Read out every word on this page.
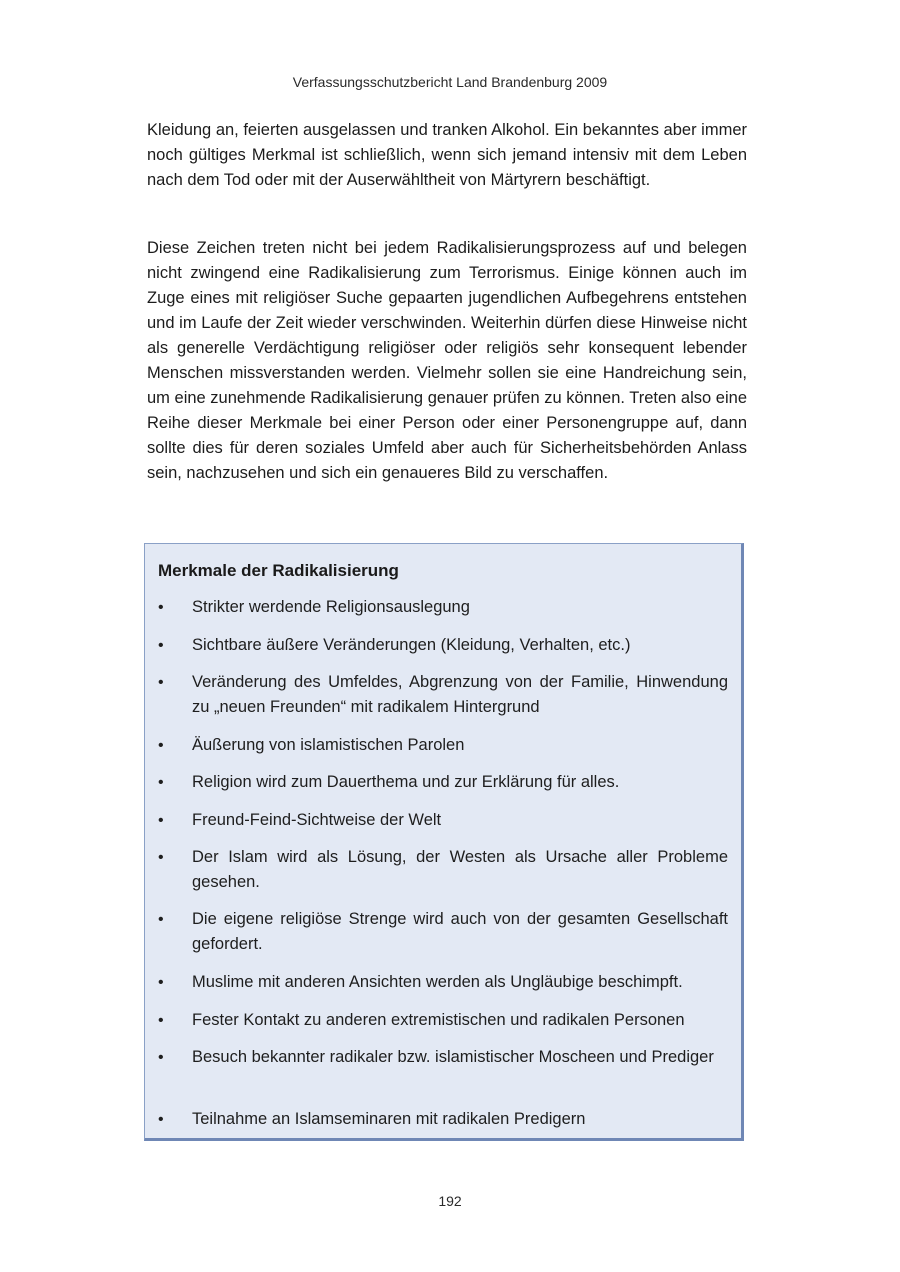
Verfassungsschutzbericht Land Brandenburg 2009

Kleidung an, feierten ausgelassen und tranken Alkohol. Ein bekanntes aber immer noch gültiges Merkmal ist schließlich, wenn sich jemand intensiv mit dem Leben nach dem Tod oder mit der Auserwähltheit von Märtyrern beschäftigt.

Diese Zeichen treten nicht bei jedem Radikalisierungsprozess auf und belegen nicht zwingend eine Radikalisierung zum Terrorismus. Einige können auch im Zuge eines mit religiöser Suche gepaarten jugendlichen Aufbegehrens entstehen und im Laufe der Zeit wieder verschwinden. Weiterhin dürfen diese Hinweise nicht als generelle Verdächtigung religiöser oder religiös sehr konsequent lebender Menschen missverstanden werden. Vielmehr sollen sie eine Handreichung sein, um eine zunehmende Radikalisierung genauer prüfen zu können. Treten also eine Reihe dieser Merkmale bei einer Person oder einer Personengruppe auf, dann sollte dies für deren soziales Umfeld aber auch für Sicherheitsbehörden Anlass sein, nachzusehen und sich ein genaueres Bild zu verschaffen.

Merkmale der Radikalisierung
• Strikter werdende Religionsauslegung
• Sichtbare äußere Veränderungen (Kleidung, Verhalten, etc.)
• Veränderung des Umfeldes, Abgrenzung von der Familie, Hinwendung zu „neuen Freunden“ mit radikalem Hintergrund
• Äußerung von islamistischen Parolen
• Religion wird zum Dauerthema und zur Erklärung für alles.
• Freund-Feind-Sichtweise der Welt
• Der Islam wird als Lösung, der Westen als Ursache aller Probleme gesehen.
• Die eigene religiöse Strenge wird auch von der gesamten Gesellschaft gefordert.
• Muslime mit anderen Ansichten werden als Ungläubige beschimpft.
• Fester Kontakt zu anderen extremistischen und radikalen Personen
• Besuch bekannter radikaler bzw. islamistischer Moscheen und Prediger
• Teilnahme an Islamseminaren mit radikalen Predigern
192
